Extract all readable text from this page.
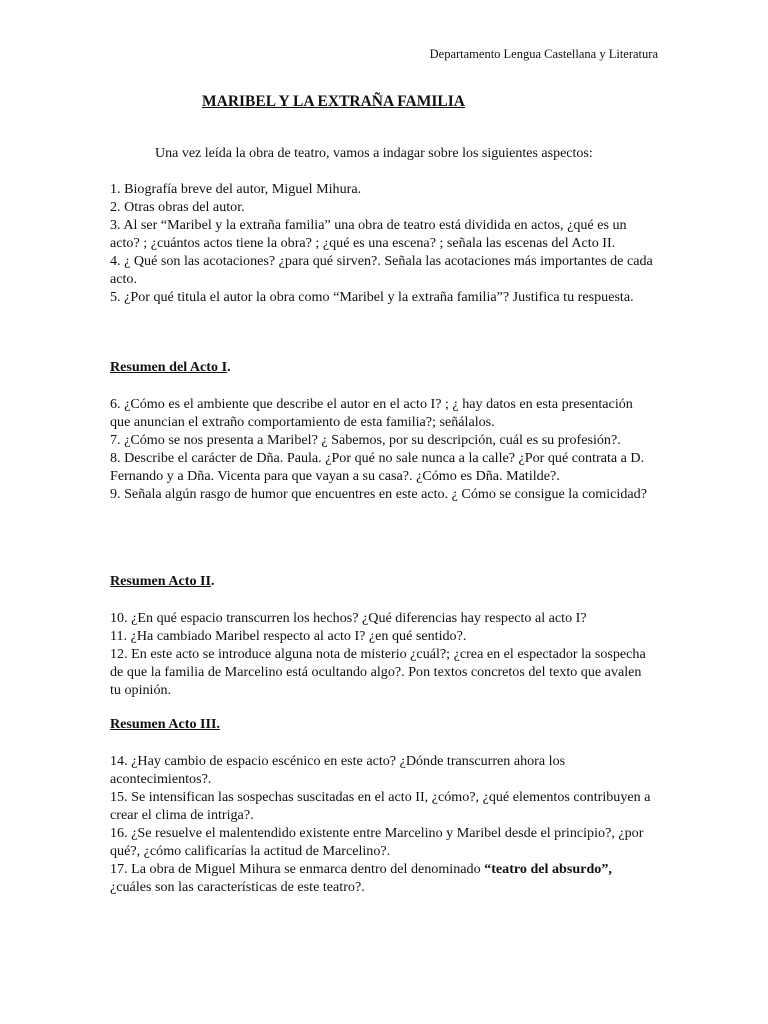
Departamento Lengua Castellana y Literatura
MARIBEL Y LA EXTRAÑA FAMILIA
Una vez leída la obra de teatro, vamos a indagar sobre los siguientes aspectos:

1. Biografía breve del autor, Miguel Mihura.

2. Otras obras del autor.

3. Al ser “Maribel y la extraña familia” una obra de teatro está dividida en actos, ¿qué es un acto? ; ¿cuántos actos tiene la obra? ; ¿qué es una escena? ; señala las escenas del Acto II.

4. ¿ Qué son las acotaciones? ¿para qué sirven?. Señala las acotaciones más importantes de cada acto.

5. ¿Por qué titula el autor la obra como “Maribel y la extraña familia”? Justifica tu respuesta.

Resumen del Acto I.

6. ¿Cómo es el ambiente que describe el autor en el acto I? ; ¿ hay datos en esta presentación que anuncian el extraño comportamiento de esta familia?; señálalos.

7. ¿Cómo se nos presenta a Maribel? ¿ Sabemos, por su descripción, cuál es su profesión?.

8. Describe el carácter de Dña. Paula. ¿Por qué no sale nunca a la calle? ¿Por qué contrata a D. Fernando y a Dña. Vicenta para que vayan a su casa?. ¿Cómo es Dña. Matilde?.

9. Señala algún rasgo de humor que encuentres en este acto. ¿ Cómo se consigue la comicidad?

Resumen Acto II.

10. ¿En qué espacio transcurren los hechos? ¿Qué diferencias hay respecto al acto I?

11. ¿Ha cambiado Maribel respecto al acto I? ¿en qué sentido?.

12. En este acto se introduce alguna nota de misterio ¿cuál?; ¿crea en el espectador la sospecha de que la familia de Marcelino está ocultando algo?. Pon textos concretos del texto que avalen tu opinión.

Resumen Acto III.

14. ¿Hay cambio de espacio escénico en este acto? ¿Dónde transcurren ahora los acontecimientos?.

15. Se intensifican las sospechas suscitadas en el acto II, ¿cómo?, ¿qué elementos contribuyen a crear el clima de intriga?.

16. ¿Se resuelve el malentendido existente entre Marcelino y Maribel desde el principio?, ¿por qué?, ¿cómo calificarías la actitud de Marcelino?.

17. La obra de Miguel Mihura se enmarca dentro del denominado “teatro del absurdo”, ¿cuáles son las características de este teatro?.
